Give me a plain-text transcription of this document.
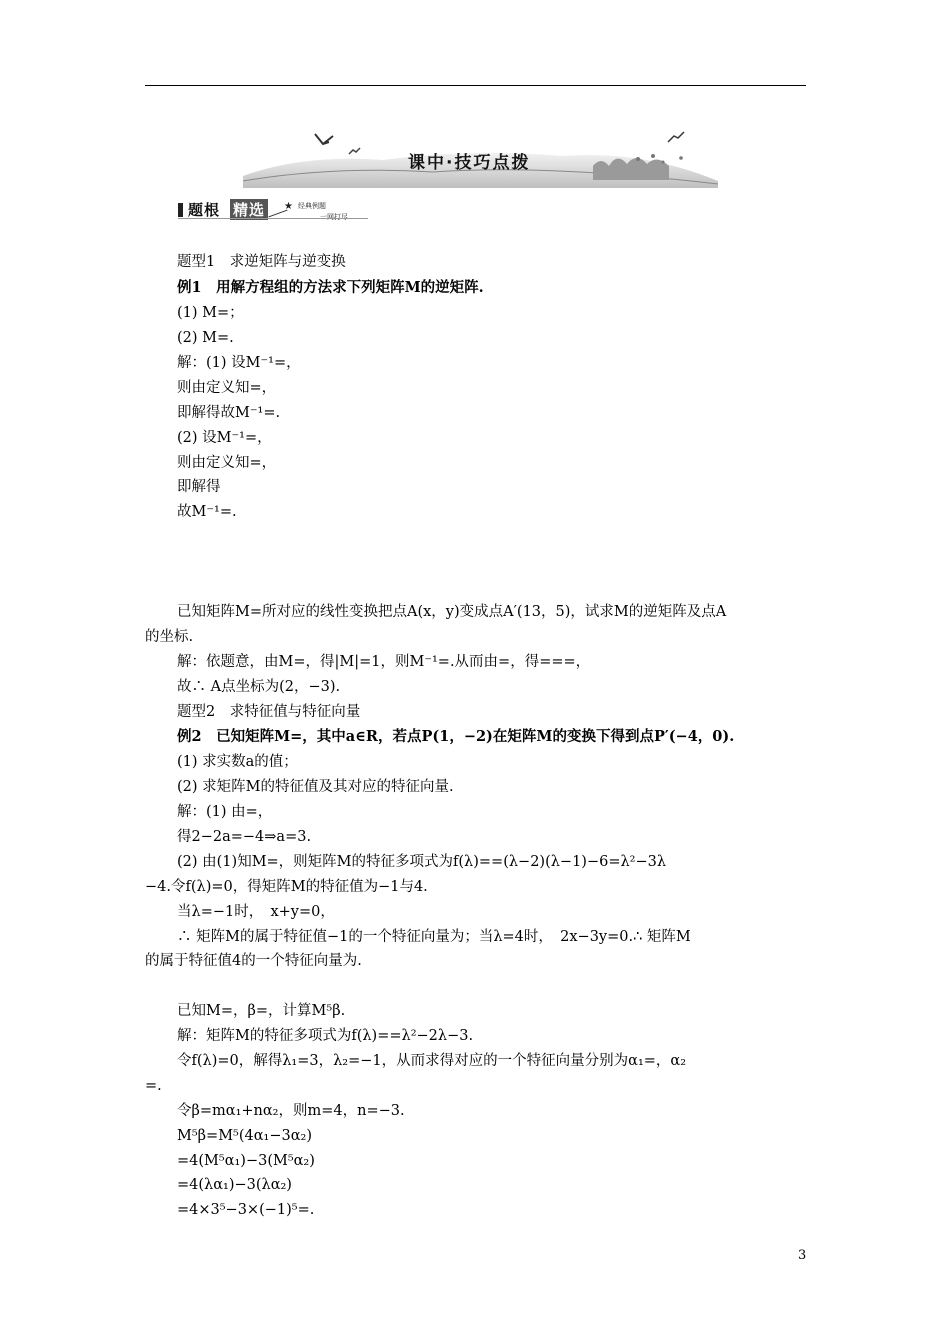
课中·技巧点拨
题根 精选	★ 经典例题
一网打尽
题型1　求逆矩阵与逆变换
例1　用解方程组的方法求下列矩阵M的逆矩阵.
(1) M=；
(2) M=.
解：(1) 设M⁻¹=，
则由定义知=，
即解得故M⁻¹=.
(2) 设M⁻¹=，
则由定义知=，
即解得
故M⁻¹=.
已知矩阵M=所对应的线性变换把点A(x，y)变成点A′(13，5)，试求M的逆矩阵及点A
的坐标.
解：依题意，由M=，得|M|=1，则M⁻¹=.从而由=，得===，
故∴ A点坐标为(2，−3).
题型2　求特征值与特征向量
例2　已知矩阵M=，其中a∈R，若点P(1，−2)在矩阵M的变换下得到点P′(−4，0).
(1) 求实数a的值；
(2) 求矩阵M的特征值及其对应的特征向量.
解：(1) 由=，
得2−2a=−4⇒a=3.
(2) 由(1)知M=，则矩阵M的特征多项式为f(λ)==(λ−2)(λ−1)−6=λ²−3λ
−4.令f(λ)=0，得矩阵M的特征值为−1与4.
当λ=−1时，　x+y=0，
∴ 矩阵M的属于特征值−1的一个特征向量为；当λ=4时，　2x−3y=0.∴ 矩阵M
的属于特征值4的一个特征向量为.
已知M=，β=，计算M⁵β.
解：矩阵M的特征多项式为f(λ)==λ²−2λ−3.
令f(λ)=0，解得λ₁=3，λ₂=−1，从而求得对应的一个特征向量分别为α₁=，α₂
=.
令β=mα₁+nα₂，则m=4，n=−3.
M⁵β=M⁵(4α₁−3α₂)
=4(M⁵α₁)−3(M⁵α₂)
=4(λα₁)−3(λα₂)
=4×3⁵−3×(−1)⁵=.
3
